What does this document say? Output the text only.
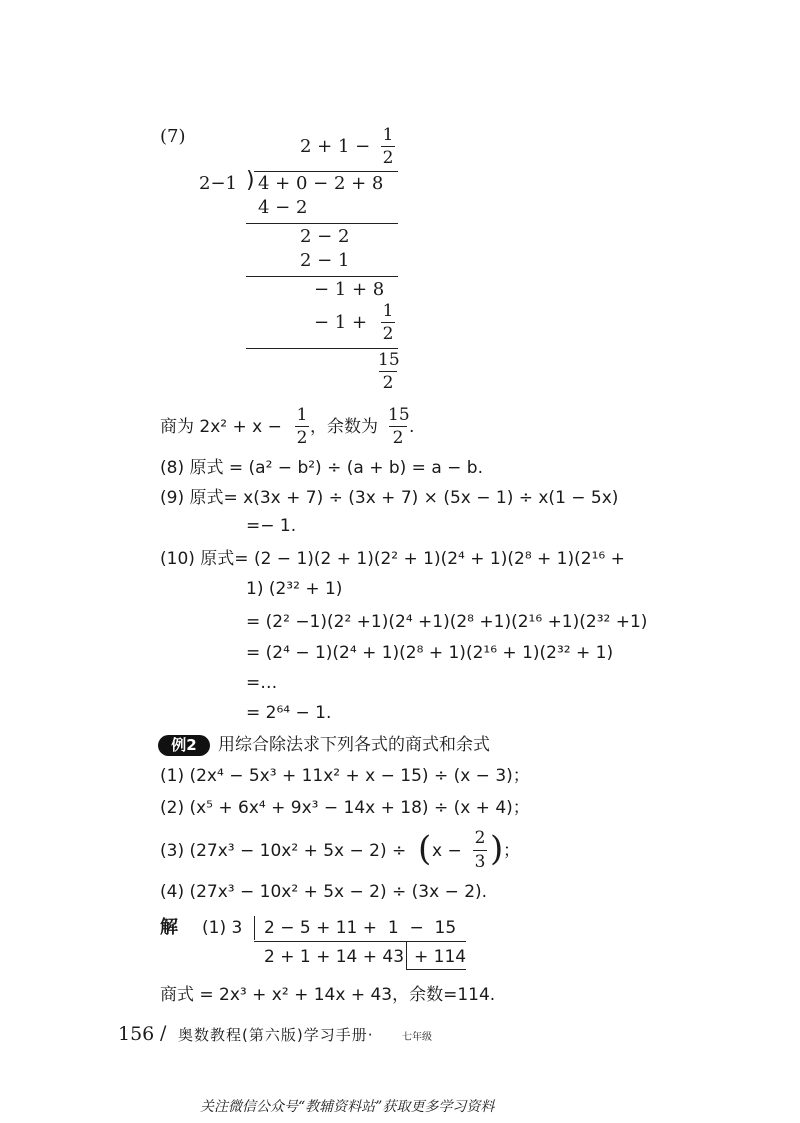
(7)	2 + 1 −
1
2
2−1 ) 4 + 0 − 2 + 8
4 − 2
2 − 2
2 − 1
− 1 + 8
− 1 +
1
2
15
2
商为 2x² + x −
1
2
，余数为
15
2
.
(8) 原式 = (a² − b²) ÷ (a + b) = a − b.
(9) 原式= x(3x + 7) ÷ (3x + 7) × (5x − 1) ÷ x(1 − 5x)
=− 1.
(10) 原式= (2 − 1)(2 + 1)(2² + 1)(2⁴ + 1)(2⁸ + 1)(2¹⁶ +
1) (2³² + 1)
= (2² −1)(2² +1)(2⁴ +1)(2⁸ +1)(2¹⁶ +1)(2³² +1)
= (2⁴ − 1)(2⁴ + 1)(2⁸ + 1)(2¹⁶ + 1)(2³² + 1)
=…
= 2⁶⁴ − 1.
例2	用综合除法求下列各式的商式和余式
(1) (2x⁴ − 5x³ + 11x² + x − 15) ÷ (x − 3)；
(2) (x⁵ + 6x⁴ + 9x³ − 14x + 18) ÷ (x + 4)；
(3) (27x³ − 10x² + 5x − 2) ÷ ( x −
2
3 ) ；
(4) (27x³ − 10x² + 5x − 2) ÷ (3x − 2).
解 (1) 3 2 − 5 + 11 +  1  −  15
2 + 1 + 14 + 43 + 114
商式 = 2x³ + x² + 14x + 43，余数=114.
156 / 奥数教程(第六版)学习手册·	七年级
关注微信公众号“教辅资料站”获取更多学习资料
